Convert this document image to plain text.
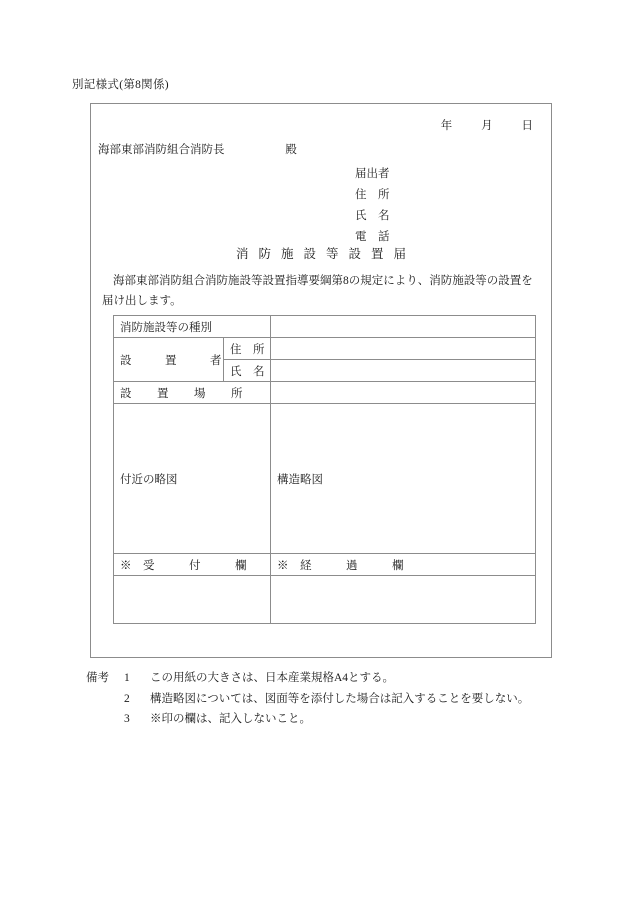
別記様式(第8関係)
年	月	日
海部東部消防組合消防長	殿
届出者
住　所
氏　名
電　話
消防施設等設置届
海部東部消防組合消防施設等設置指導要綱第8の規定により、消防施設等の設置を届け出します。
消防施設等の種別		
設　置　者	住　所	
	氏　名	
設　置　場　所		
付近の略図		構造略図
※　受　　　付　　　欄		※　経　　　過　　　欄

備考	1	この用紙の大きさは、日本産業規格A4とする。
2	構造略図については、図面等を添付した場合は記入することを要しない。
3	※印の欄は、記入しないこと。
